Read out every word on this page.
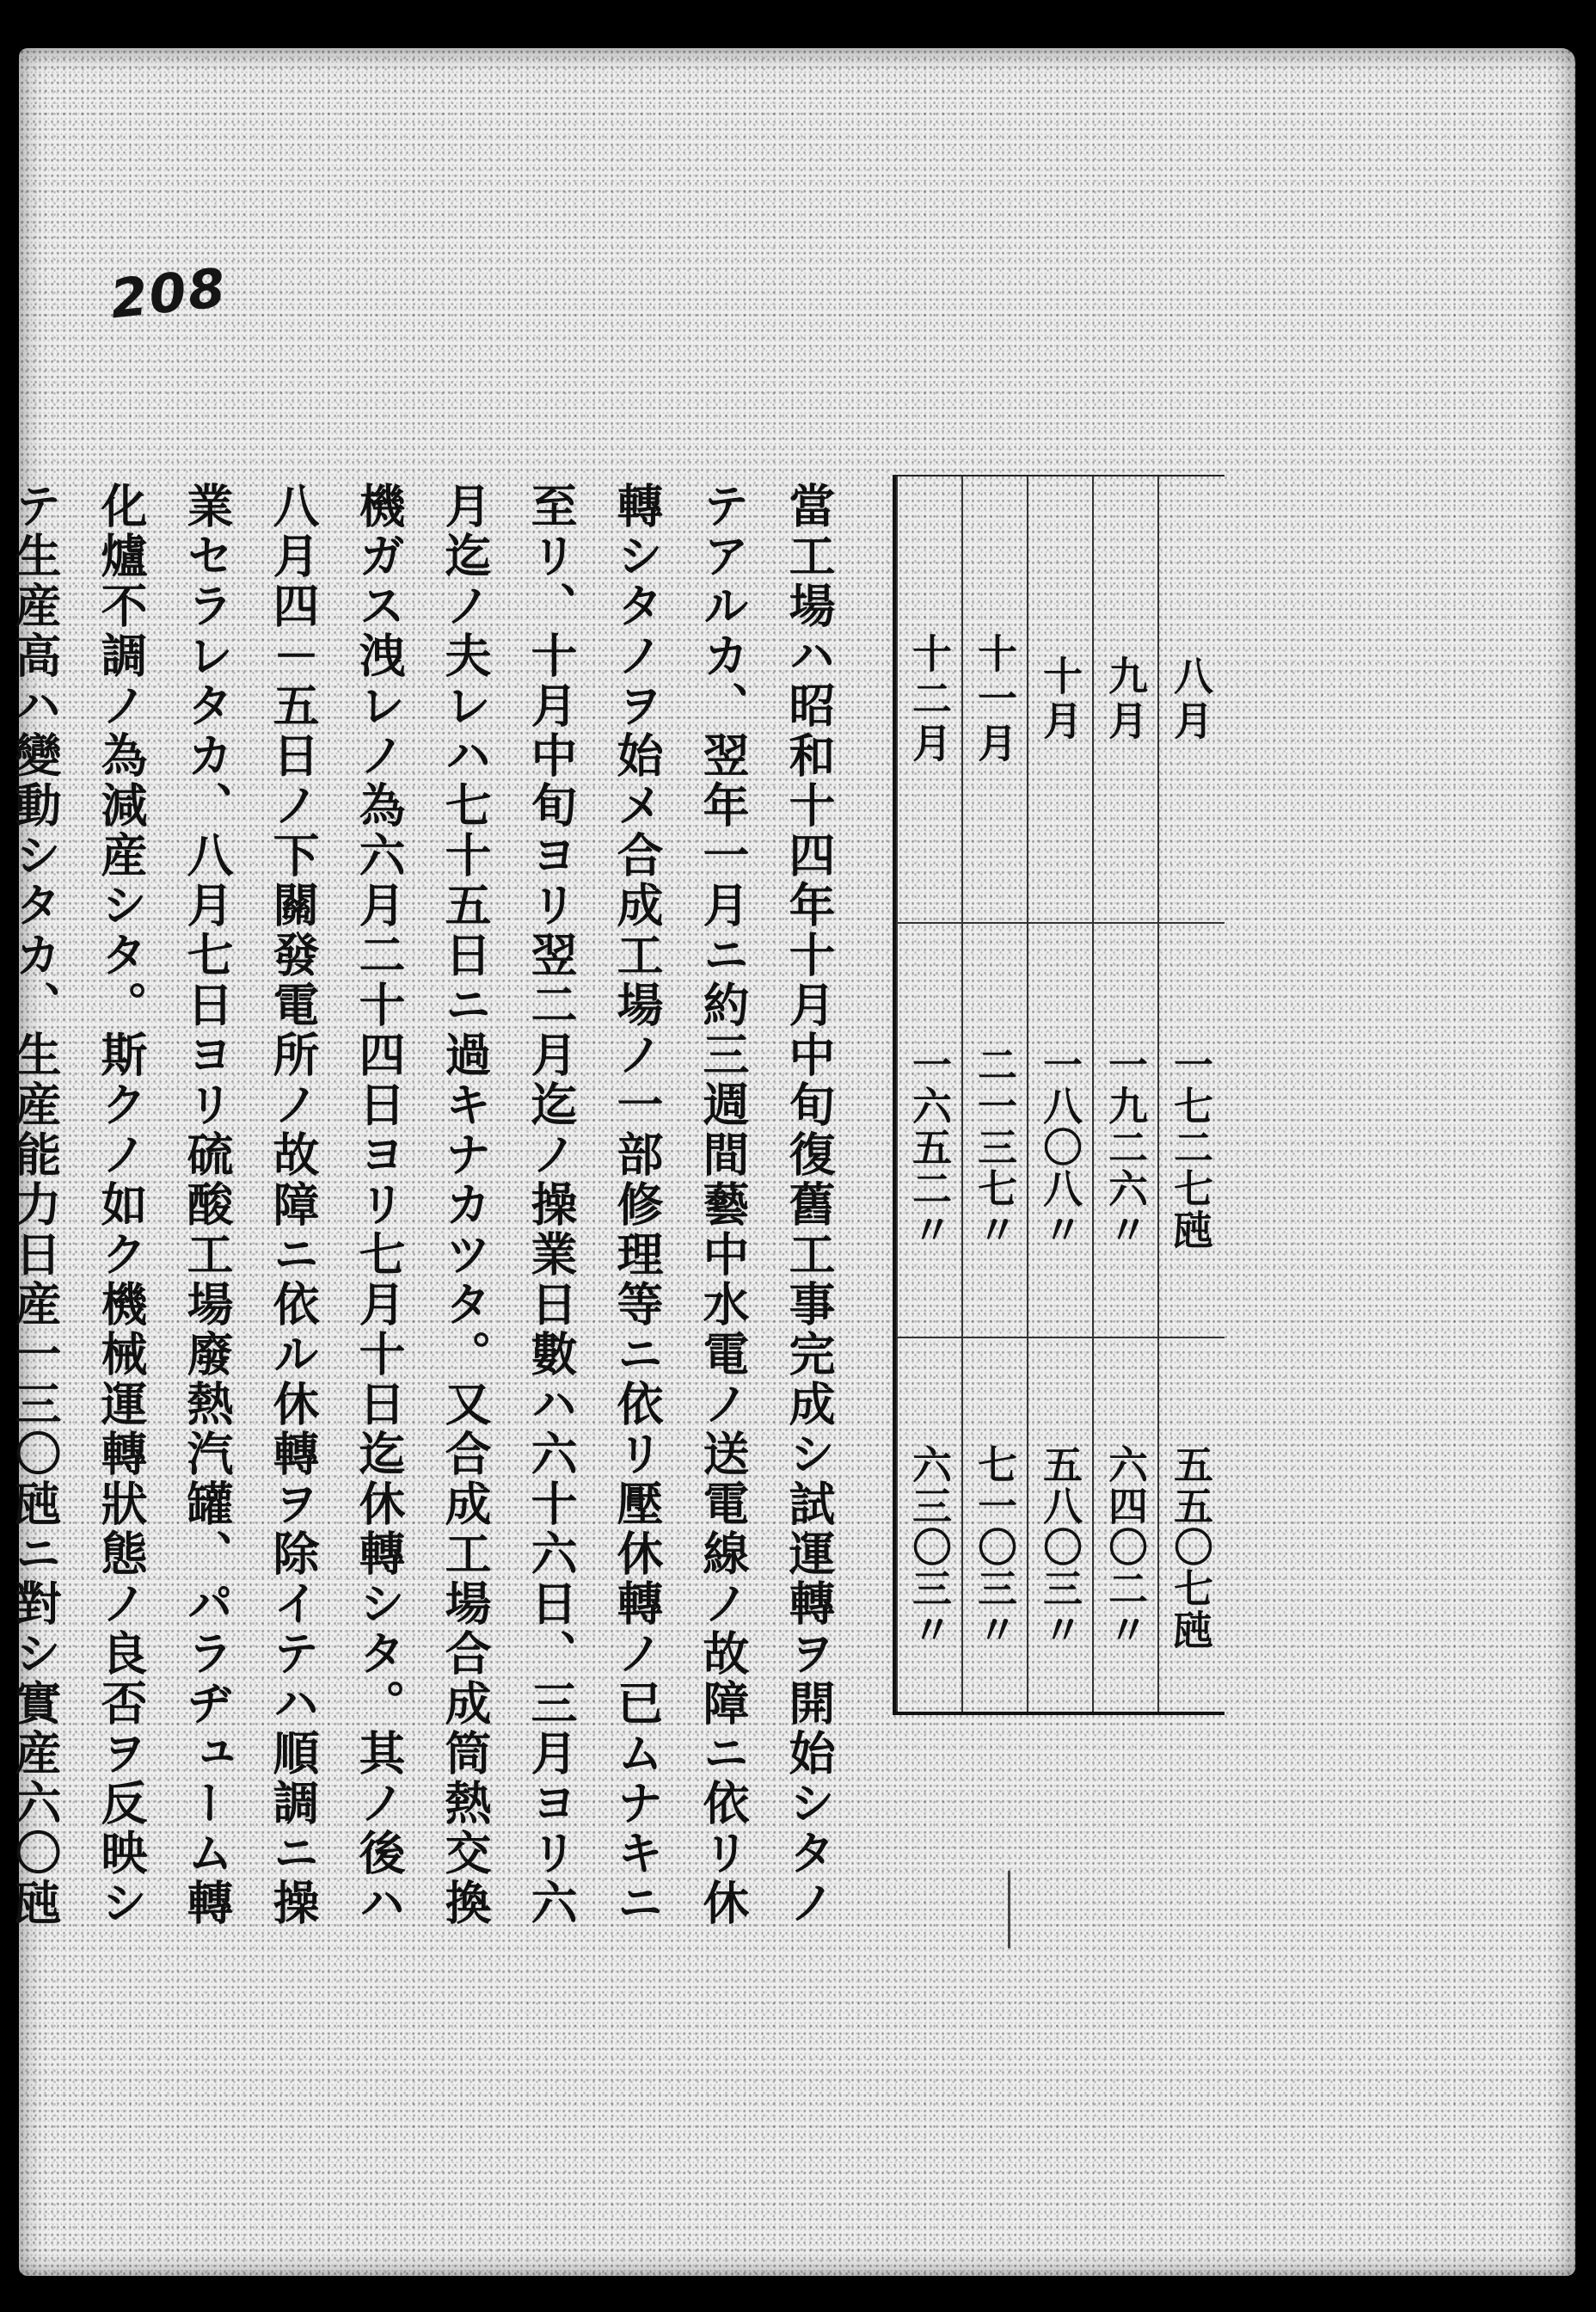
208
當工場ハ昭和十四年十月中旬復舊工事完成シ試運轉ヲ開始シタノ
テアルカ、翌年一月ニ約三週間藝中水電ノ送電線ノ故障ニ依リ休
轉シタノヲ始メ合成工場ノ一部修理等ニ依リ壓休轉ノ已ムナキニ
至リ、十月中旬ヨリ翌二月迄ノ操業日數ハ六十六日、三月ヨリ六
月迄ノ夫レハ七十五日ニ過キナカツタ。又合成工場合成筒熱交換
機ガス洩レノ為六月二十四日ヨリ七月十日迄休轉シタ。其ノ後ハ
八月四－五日ノ下關發電所ノ故障ニ依ル休轉ヲ除イテハ順調ニ操
業セラレタカ、八月七日ヨリ硫酸工場廢熱汽罐、パラヂューム轉
化爐不調ノ為減産シタ。斯クノ如ク機械運轉狀態ノ良否ヲ反映シ
テ生産高ハ變動シタカ、生産能力日産一三〇瓲ニ對シ實産六〇瓲	十二月
一六五二〃
六三〇三〃
十一月
二一三七〃
七一〇三〃
十月
一八〇八〃
五八〇三〃
九月
一九二六〃
六四〇二〃
八月
一七二七瓲
五五〇七瓲
